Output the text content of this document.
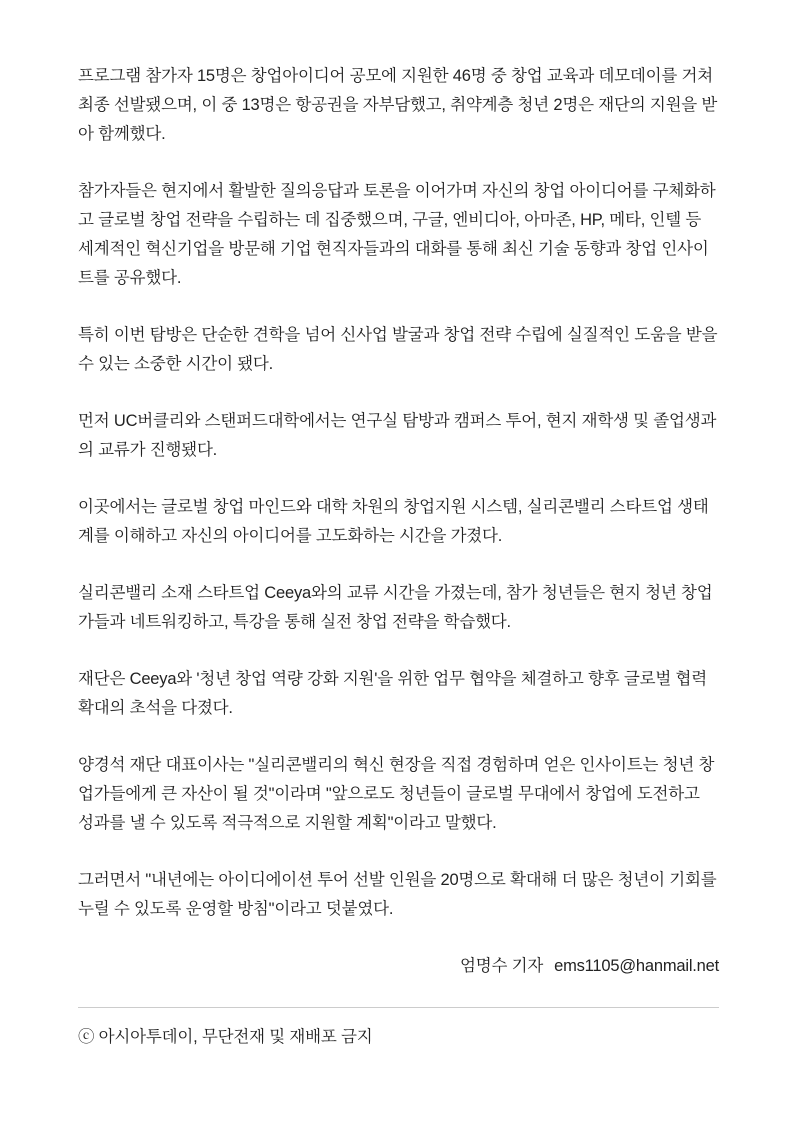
프로그램 참가자 15명은 창업아이디어 공모에 지원한 46명 중 창업 교육과 데모데이를 거쳐 최종 선발됐으며, 이 중 13명은 항공권을 자부담했고, 취약계층 청년 2명은 재단의 지원을 받아 함께했다.

참가자들은 현지에서 활발한 질의응답과 토론을 이어가며 자신의 창업 아이디어를 구체화하고 글로벌 창업 전략을 수립하는 데 집중했으며, 구글, 엔비디아, 아마존, HP, 메타, 인텔 등 세계적인 혁신기업을 방문해 기업 현직자들과의 대화를 통해 최신 기술 동향과 창업 인사이트를 공유했다.

특히 이번 탐방은 단순한 견학을 넘어 신사업 발굴과 창업 전략 수립에 실질적인 도움을 받을 수 있는 소중한 시간이 됐다.

먼저 UC버클리와 스탠퍼드대학에서는 연구실 탐방과 캠퍼스 투어, 현지 재학생 및 졸업생과의 교류가 진행됐다.

이곳에서는 글로벌 창업 마인드와 대학 차원의 창업지원 시스템, 실리콘밸리 스타트업 생태계를 이해하고 자신의 아이디어를 고도화하는 시간을 가졌다.

실리콘밸리 소재 스타트업 Ceeya와의 교류 시간을 가졌는데, 참가 청년들은 현지 청년 창업가들과 네트워킹하고, 특강을 통해 실전 창업 전략을 학습했다.

재단은 Ceeya와 '청년 창업 역량 강화 지원'을 위한 업무 협약을 체결하고 향후 글로벌 협력 확대의 초석을 다졌다.

양경석 재단 대표이사는 "실리콘밸리의 혁신 현장을 직접 경험하며 얻은 인사이트는 청년 창업가들에게 큰 자산이 될 것"이라며 "앞으로도 청년들이 글로벌 무대에서 창업에 도전하고 성과를 낼 수 있도록 적극적으로 지원할 계획"이라고 말했다.

그러면서 "내년에는 아이디에이션 투어 선발 인원을 20명으로 확대해 더 많은 청년이 기회를 누릴 수 있도록 운영할 방침"이라고 덧붙였다.

엄명수 기자 ems1105@hanmail.net
ⓒ 아시아투데이, 무단전재 및 재배포 금지
